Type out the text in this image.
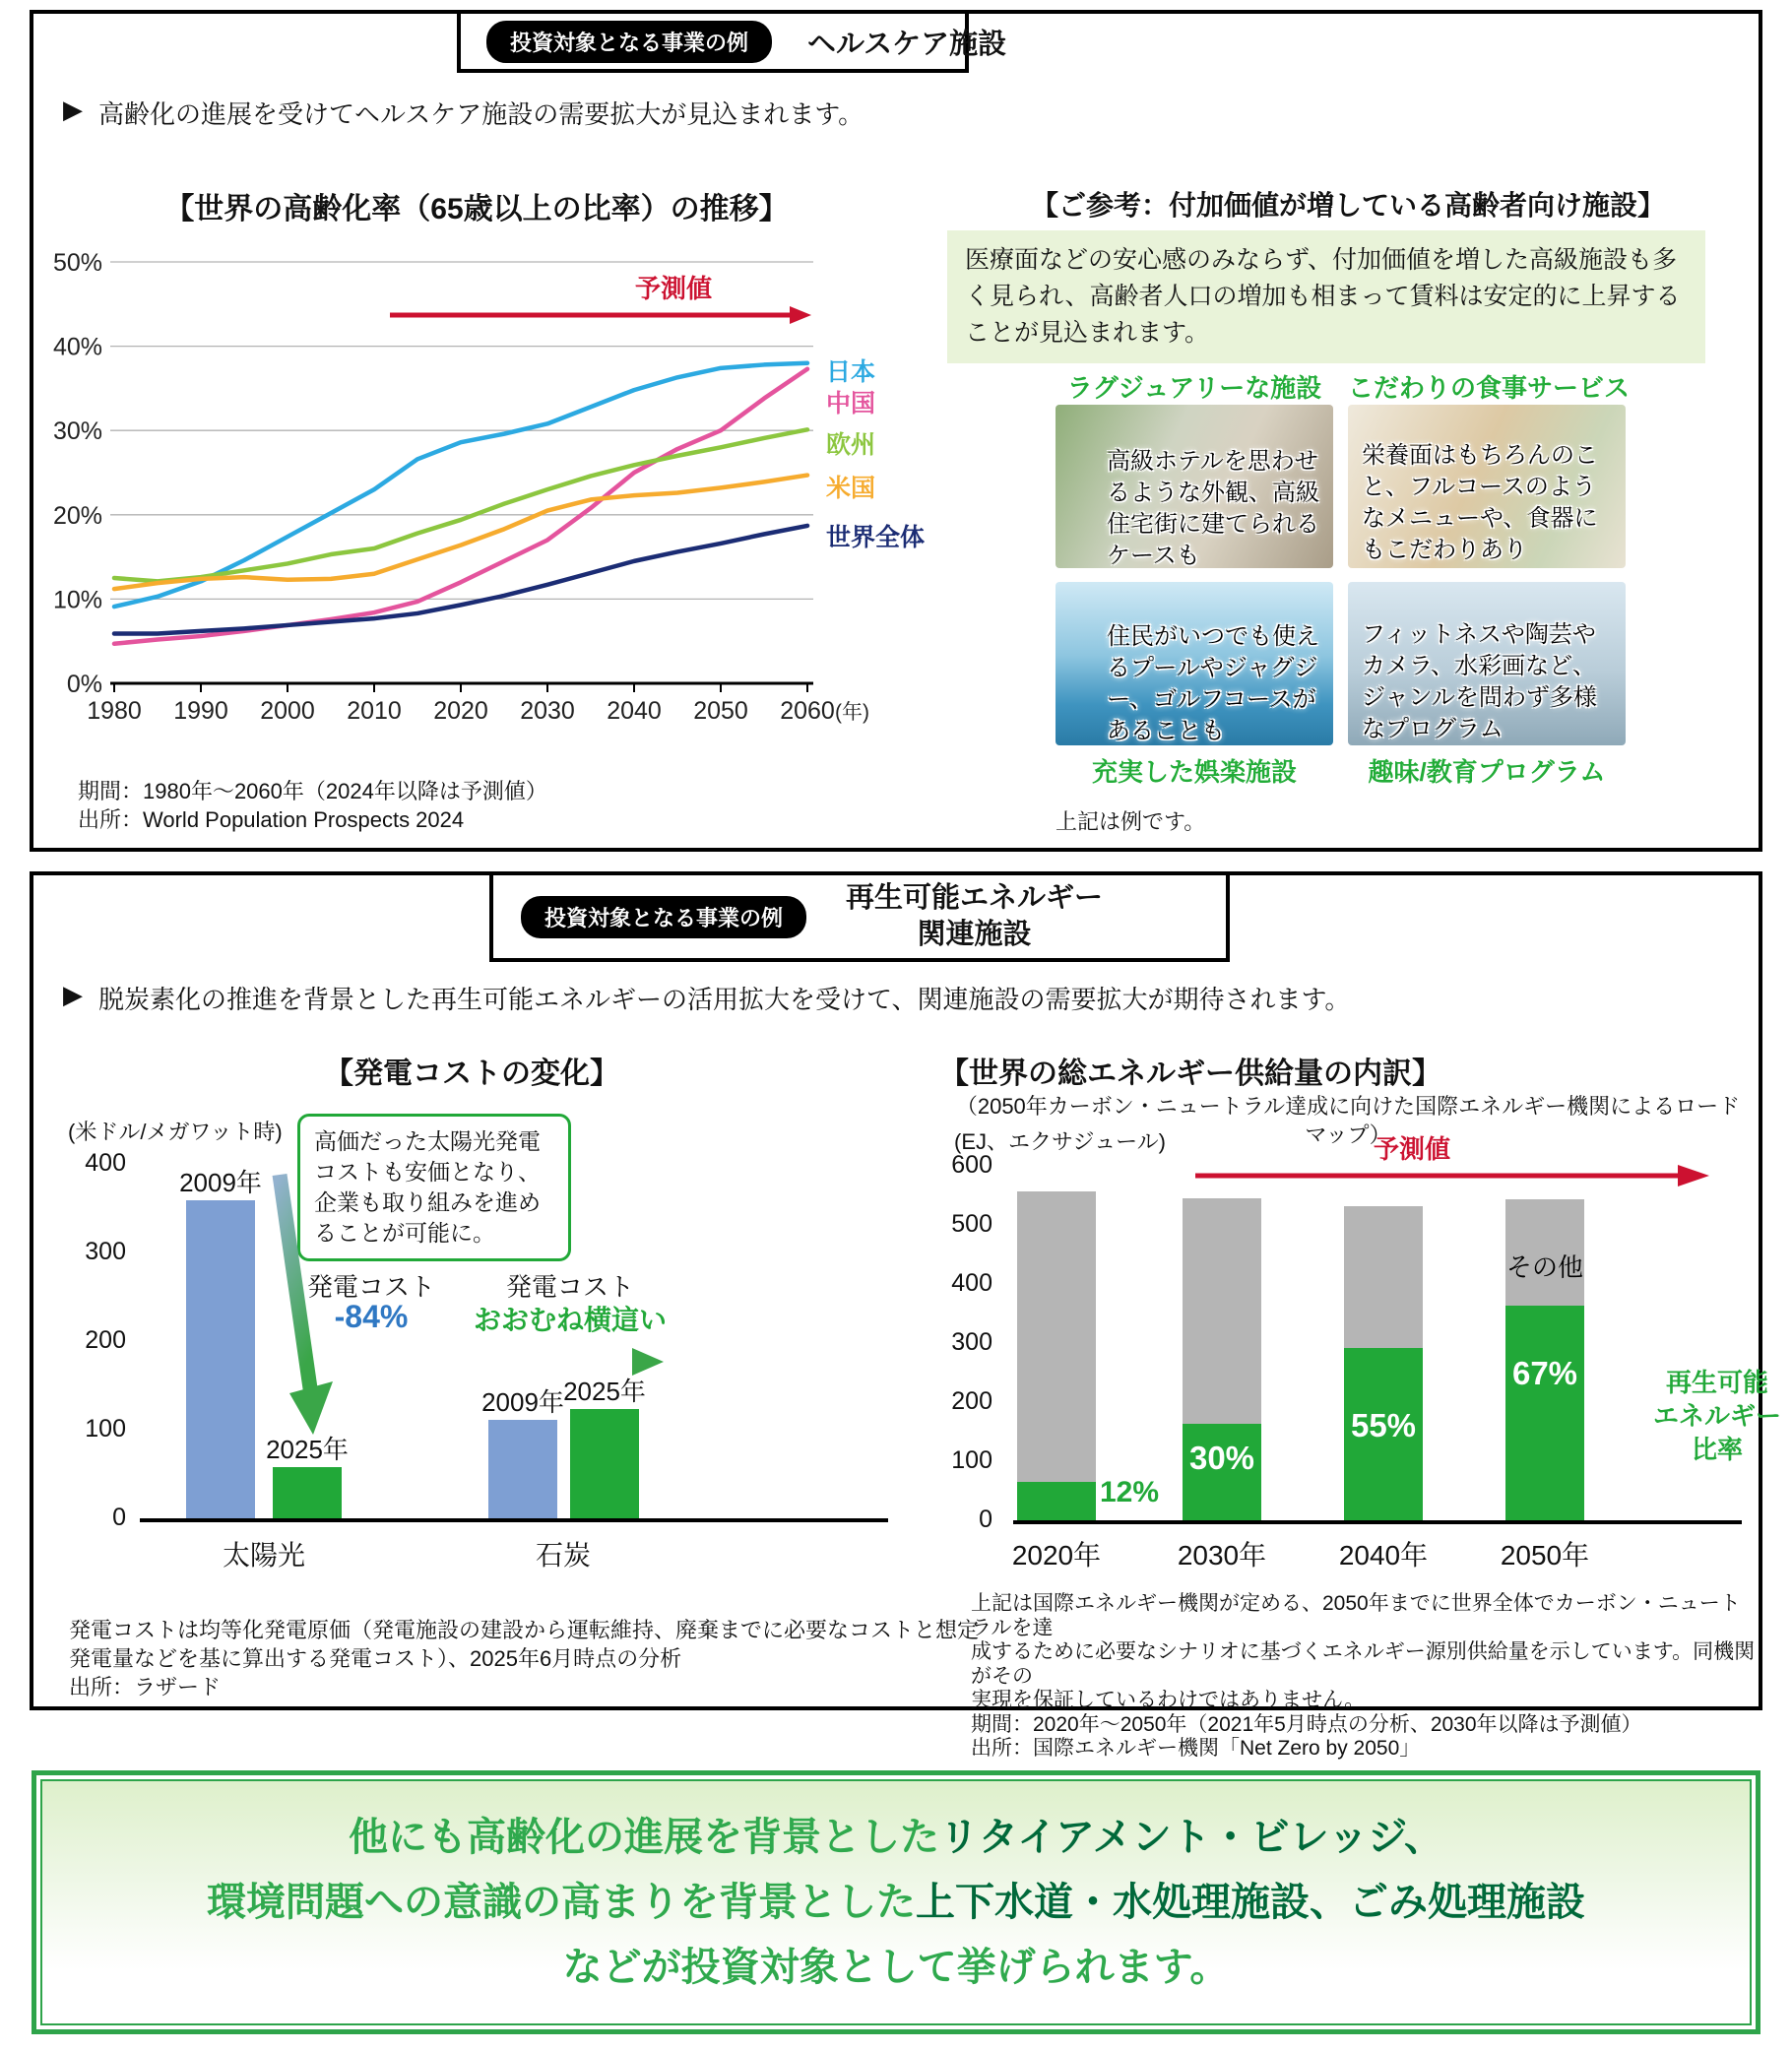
投資対象となる事業の例	ヘルスケア施設
▶ 高齢化の進展を受けてヘルスケア施設の需要拡大が見込まれます。
【世界の高齢化率（65歳以上の比率）の推移】
0%
10%
20%
30%
40%
50%
1980 1990 2000 2010 2020 2030 2040 2050 2060 (年)
予測値
日本
中国
欧州
米国
世界全体
期間：1980年～2060年（2024年以降は予測値）
出所：World Population Prospects 2024
【ご参考：付加価値が増している高齢者向け施設】
医療面などの安心感のみならず、付加価値を増した高級施設も多く見られ、高齢者人口の増加も相まって賃料は安定的に上昇することが見込まれます。
ラグジュアリーな施設	こだわりの食事サービス
高級ホテルを思わせるような外観、高級住宅街に建てられるケースも
栄養面はもちろんのこと、フルコースのようなメニューや、食器にもこだわりあり
住民がいつでも使えるプールやジャグジー、ゴルフコースがあることも
フィットネスや陶芸やカメラ、水彩画など、ジャンルを問わず多様なプログラム
充実した娯楽施設	趣味/教育プログラム
上記は例です。
投資対象となる事業の例
再生可能エネルギー
関連施設
▶ 脱炭素化の推進を背景とした再生可能エネルギーの活用拡大を受けて、関連施設の需要拡大が期待されます。
【発電コストの変化】
(米ドル/メガワット時)
0
100
200
300
400
2009年
2025年
太陽光
2009年 2025年
石炭
高価だった太陽光発電コストも安価となり、企業も取り組みを進めることが可能に。
発電コスト
-84%
発電コスト
おおむね横這い
発電コストは均等化発電原価（発電施設の建設から運転維持、廃棄までに必要なコストと想定
発電量などを基に算出する発電コスト）、2025年6月時点の分析
出所：ラザード
【世界の総エネルギー供給量の内訳】
（2050年カーボン・ニュートラル達成に向けた国際エネルギー機関によるロードマップ）
(EJ、エクサジュール)	予測値
0
100
200
300
400
500
600
2020年
12%
2030年
30%
2040年
55%
2050年
67%
その他
再生可能
エネルギー
比率
上記は国際エネルギー機関が定める、2050年までに世界全体でカーボン・ニュートラルを達
成するために必要なシナリオに基づくエネルギー源別供給量を示しています。同機関がその
実現を保証しているわけではありません。
期間：2020年～2050年（2021年5月時点の分析、2030年以降は予測値）
出所：国際エネルギー機関「Net Zero by 2050」
他にも高齢化の進展を背景としたリタイアメント・ビレッジ、
環境問題への意識の高まりを背景とした上下水道・水処理施設、ごみ処理施設
などが投資対象として挙げられます。
